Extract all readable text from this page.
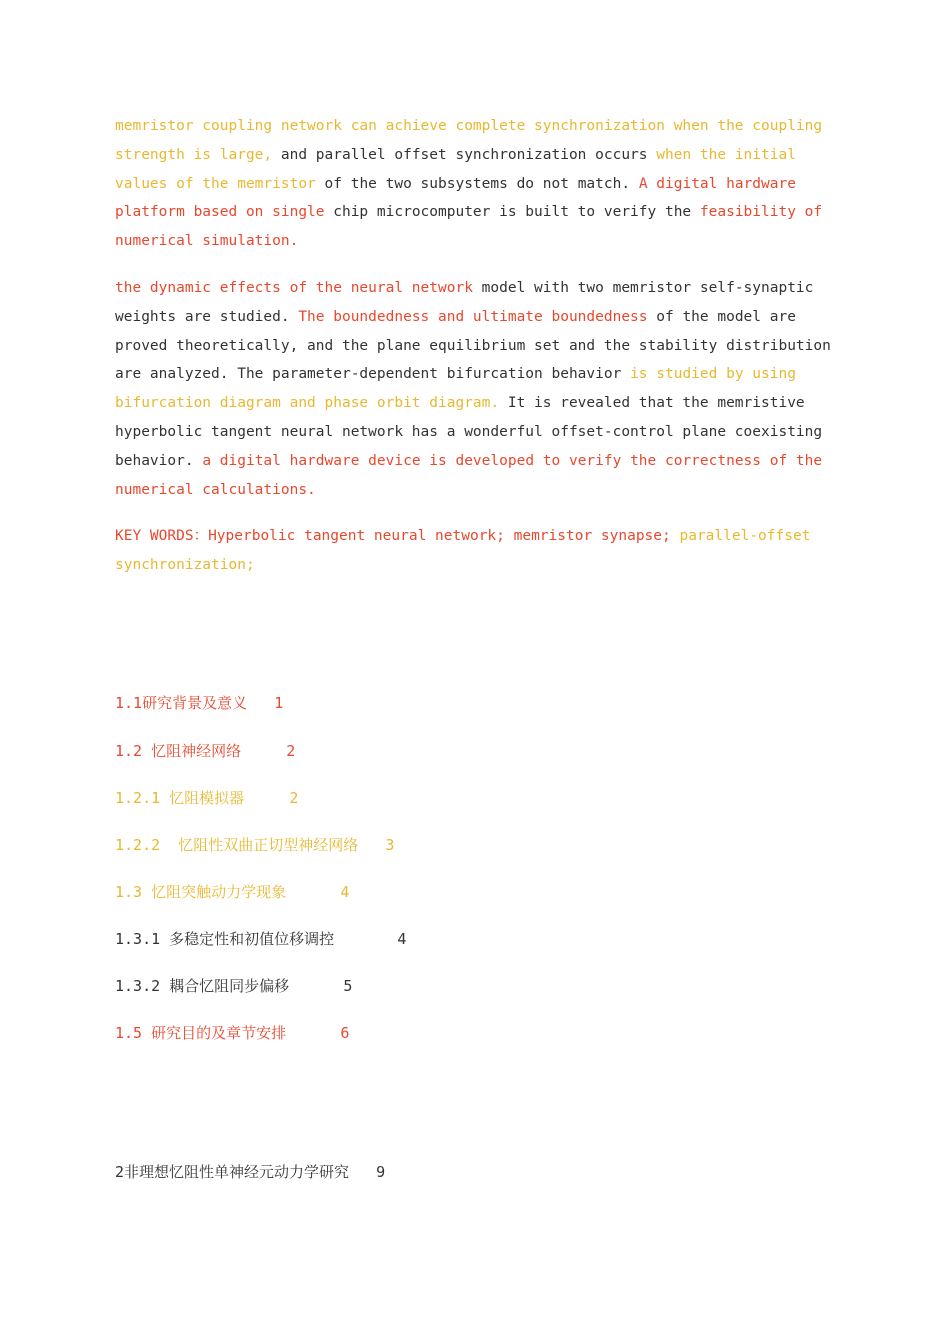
memristor coupling network can achieve complete synchronization when the coupling strength is large, and parallel offset synchronization occurs when the initial values of the memristor of the two subsystems do not match. A digital hardware platform based on single chip microcomputer is built to verify the feasibility of numerical simulation.

the dynamic effects of the neural network model with two memristor self-synaptic weights are studied. The boundedness and ultimate boundedness of the model are proved theoretically, and the plane equilibrium set and the stability distribution are analyzed. The parameter-dependent bifurcation behavior is studied by using bifurcation diagram and phase orbit diagram. It is revealed that the memristive hyperbolic tangent neural network has a wonderful offset-control plane coexisting behavior. a digital hardware device is developed to verify the correctness of the numerical calculations.

KEY WORDS：Hyperbolic tangent neural network; memristor synapse; parallel-offset synchronization;

1.1研究背景及意义   1
1.2 忆阻神经网络     2
1.2.1 忆阻模拟器     2
1.2.2  忆阻性双曲正切型神经网络   3
1.3 忆阻突触动力学现象      4
1.3.1 多稳定性和初值位移调控       4
1.3.2 耦合忆阻同步偏移      5
1.5 研究目的及章节安排      6
2非理想忆阻性单神经元动力学研究   9
